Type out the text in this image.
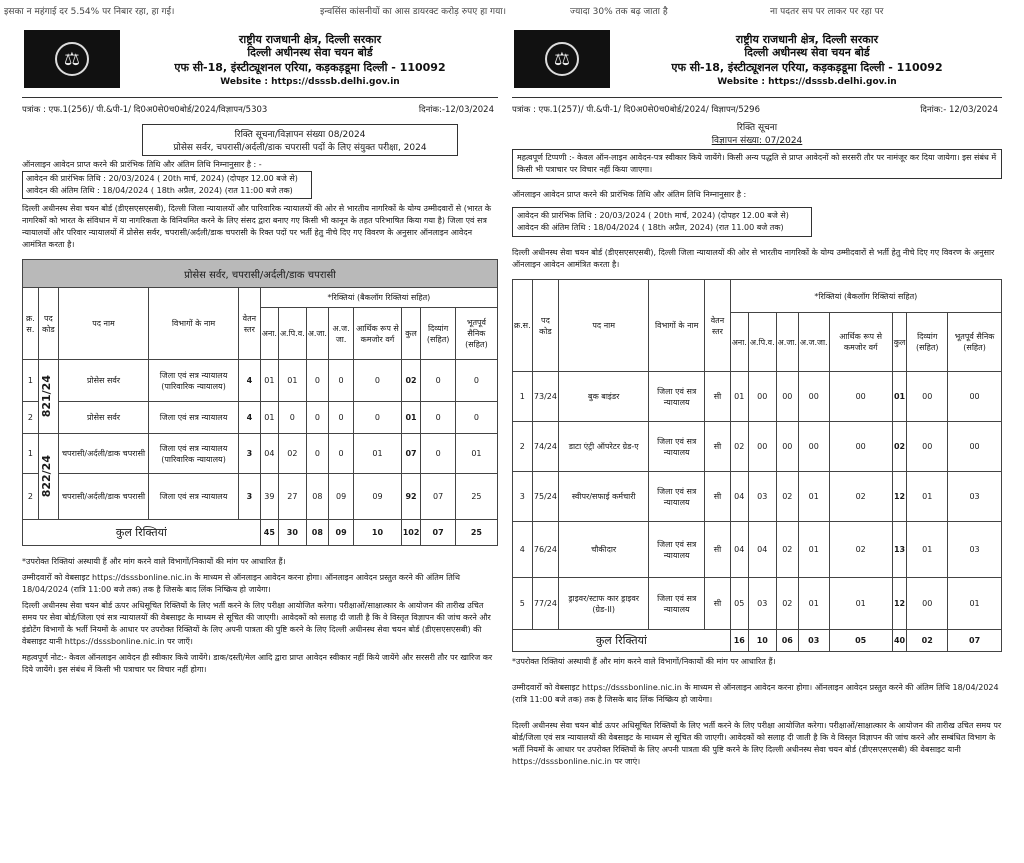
इसका न महंगाई दर 5.54% पर निबार रहा, हा गई।	इन्वसिंस कांसनीयों का आस डायरक्ट करोड़ रुपए हा गया।	ज्यादा 30% तक बढ़ जाता है	ना पदतर सप पर लाकर पर रहा पर
⚖
राष्ट्रीय राजधानी क्षेत्र, दिल्ली सरकार
दिल्ली अधीनस्थ सेवा चयन बोर्ड
एफ सी-18, इंस्टीट्यूशनल एरिया, कड़कड़डूमा दिल्ली - 110092
Website : https://dsssb.delhi.gov.in
पत्रांक : एफ.1(256)/ पी.&पी-1/ दि0अ0से0च0बोर्ड/2024/विज्ञापन/5303	दिनांक:-12/03/2024
रिक्ति सूचना/विज्ञापन संख्या 08/2024
प्रोसेस सर्वर, चपरासी/अर्दली/डाक चपरासी पदों के लिए संयुक्त परीक्षा, 2024
ऑनलाइन आवेदन प्राप्त करने की प्रारंभिक तिथि और अंतिम तिथि निम्नानुसार है : -
आवेदन की प्रारंभिक तिथि : 20/03/2024 ( 20th मार्च, 2024) (दोपहर 12.00 बजे से)
आवेदन की अंतिम तिथि : 18/04/2024 ( 18th अप्रैल, 2024) (रात 11:00 बजे तक)
दिल्ली अधीनस्थ सेवा चयन बोर्ड (डीएसएसएसबी), दिल्ली जिला न्यायालयों और पारिवारिक न्यायालयों की ओर से भारतीय नागरिकों के योग्य उम्मीदवारों से (भारत के नागरिकों को भारत के संविधान में या नागरिकता के विनियमित करने के लिए संसद द्वारा बनाए गए किसी भी कानून के तहत परिभाषित किया गया है) जिला एवं सत्र न्यायालयों और परिवार न्यायालयों में प्रोसेस सर्वर, चपरासी/अर्दली/डाक चपरासी के रिक्त पदों पर भर्ती हेतु नीचे दिए गए विवरण के अनुसार ऑनलाइन आवेदन आमंत्रित करता है।
प्रोसेस सर्वर, चपरासी/अर्दली/डाक चपरासी												
क्र. स.	पद कोड	पद नाम	विभागों के नाम	वेतन स्तर	*रिक्तियां (बैकलॉग रिक्तियां सहित)							
					अना.	अ.पि.व.	अ.जा.	अ.ज. जा.	आर्थिक रूप से कमजोर वर्ग	कुल	दिव्यांग (सहित)	भूतपूर्व सैनिक (सहित)
1	821/24	प्रोसेस सर्वर	जिला एवं सत्र न्यायालय (पारिवारिक न्यायालय)	4	01	01	0	0	0	02	0	0
2		प्रोसेस सर्वर	जिला एवं सत्र न्यायालय	4	01	0	0	0	0	01	0	0
1	822/24	चपरासी/अर्दली/डाक चपरासी	जिला एवं सत्र न्यायालय (पारिवारिक न्यायालय)	3	04	02	0	0	01	07	0	01
2		चपरासी/अर्दली/डाक चपरासी	जिला एवं सत्र न्यायालय	3	39	27	08	09	09	92	07	25
कुल रिक्तियां					45	30	08	09	10	102	07	25
*उपरोक्त रिक्तियां अस्थायी हैं और मांग करने वाले विभागों/निकायों की मांग पर आधारित हैं।
उम्मीदवारों को वेबसाइट https://dsssbonline.nic.in के माध्यम से ऑनलाइन आवेदन करना होगा। ऑनलाइन आवेदन प्रस्तुत करने की अंतिम तिथि 18/04/2024 (रात्रि 11:00 बजे तक) तक है जिसके बाद लिंक निष्क्रिय हो जायेगा।
दिल्ली अधीनस्थ सेवा चयन बोर्ड ऊपर अधिसूचित रिक्तियों के लिए भर्ती करने के लिए परीक्षा आयोजित करेगा। परीक्षाओं/साक्षात्कार के आयोजन की तारीख उचित समय पर सेवा बोर्ड/जिला एवं सत्र न्यायालयों की वेबसाइट के माध्यम से सूचित की जाएगी। आवेदकों को सलाह दी जाती है कि वे विस्तृत विज्ञापन की जांच करने और इंडोटेंग विभागों के भर्ती नियमों के आधार पर उपरोक्त रिक्तियों के लिए अपनी पात्रता की पुष्टि करने के लिए दिल्ली अधीनस्थ सेवा चयन बोर्ड (डीएसएसएसबी) की वेबसाइट यानी https://dsssbonline.nic.in पर जाएँ।
महत्वपूर्ण नोट:- केवल ऑनलाइन आवेदन ही स्वीकार किये जायेंगे। डाक/दस्ती/मेल आदि द्वारा प्राप्त आवेदन स्वीकार नहीं किये जायेंगे और सरसरी तौर पर खारिज कर दिये जायेंगे। इस संबंध में किसी भी पत्राचार पर विचार नहीं होगा।
⚖
राष्ट्रीय राजधानी क्षेत्र, दिल्ली सरकार
दिल्ली अधीनस्थ सेवा चयन बोर्ड
एफ सी-18, इंस्टीट्यूशनल एरिया, कड़कड़डूमा दिल्ली - 110092
Website : https://dsssb.delhi.gov.in
पत्रांक : एफ.1(257)/ पी.&पी-1/ दि0अ0से0च0बोर्ड/2024/ विज्ञापन/5296	दिनांक:- 12/03/2024
रिक्ति सूचना
विज्ञापन संख्या: 07/2024
महत्वपूर्ण टिप्पणी :- केवल ऑन-लाइन आवेदन-पत्र स्वीकार किये जायेंगे। किसी अन्य पद्धति से प्राप्त आवेदनों को सरसरी तौर पर नामंजूर कर दिया जायेगा। इस संबंध में किसी भी पत्राचार पर विचार नहीं किया जाएगा।
ऑनलाइन आवेदन प्राप्त करने की प्रारंभिक तिथि और अंतिम तिथि निम्नानुसार है :
आवेदन की प्रारंभिक तिथि : 20/03/2024 ( 20th मार्च, 2024) (दोपहर 12.00 बजे से)
आवेदन की अंतिम तिथि : 18/04/2024 ( 18th अप्रैल, 2024) (रात 11.00 बजे तक)
दिल्ली अधीनस्थ सेवा चयन बोर्ड (डीएसएसएसबी), दिल्ली जिला न्यायालयों की ओर से भारतीय नागरिकों के योग्य उम्मीदवारों से भर्ती हेतु नीचे दिए गए विवरण के अनुसार ऑनलाइन आवेदन आमंत्रित करता है।
क्र.स.	पद कोड	पद नाम	विभागों के नाम	वेतन स्तर	*रिक्तियां (बैकलॉग रिक्तियां सहित)							
					अना.	अ.पि.व.	अ.जा.	अ.ज.जा.	आर्थिक रूप से कमजोर वर्ग	कुल	दिव्यांग (सहित)	भूतपूर्व सैनिक (सहित)
1	73/24	बुक बाइंडर	जिला एवं सत्र न्यायालय	सी	01	00	00	00	00	01	00	00
2	74/24	डाटा एंट्री ऑपरेटर ग्रेड-ए	जिला एवं सत्र न्यायालय	सी	02	00	00	00	00	02	00	00
3	75/24	स्वीपर/सफाई कर्मचारी	जिला एवं सत्र न्यायालय	सी	04	03	02	01	02	12	01	03
4	76/24	चौकीदार	जिला एवं सत्र न्यायालय	सी	04	04	02	01	02	13	01	03
5	77/24	ड्राइवर/स्टाफ कार ड्राइवर (ग्रेड-II)	जिला एवं सत्र न्यायालय	सी	05	03	02	01	01	12	00	01
कुल रिक्तियां					16	10	06	03	05	40	02	07
*उपरोक्त रिक्तियां अस्थायी हैं और मांग करने वाले विभागों/निकायों की मांग पर आधारित हैं।
उम्मीदवारों को वेबसाइट https://dsssbonline.nic.in के माध्यम से ऑनलाइन आवेदन करना होगा। ऑनलाइन आवेदन प्रस्तुत करने की अंतिम तिथि 18/04/2024 (रात्रि 11:00 बजे तक) तक है जिसके बाद लिंक निष्क्रिय हो जायेगा।
दिल्ली अधीनस्थ सेवा चयन बोर्ड ऊपर अधिसूचित रिक्तियों के लिए भर्ती करने के लिए परीक्षा आयोजित करेगा। परीक्षाओं/साक्षात्कार के आयोजन की तारीख उचित समय पर बोर्ड/जिला एवं सत्र न्यायालयों की वेबसाइट के माध्यम से सूचित की जाएगी। आवेदकों को सलाह दी जाती है कि वे विस्तृत विज्ञापन की जांच करने और सम्बंधित विभाग के भर्ती नियमों के आधार पर उपरोक्त रिक्तियों के लिए अपनी पात्रता की पुष्टि करने के लिए दिल्ली अधीनस्थ सेवा चयन बोर्ड (डीएसएसएसबी) की वेबसाइट यानी https://dsssbonline.nic.in पर जाएं।
